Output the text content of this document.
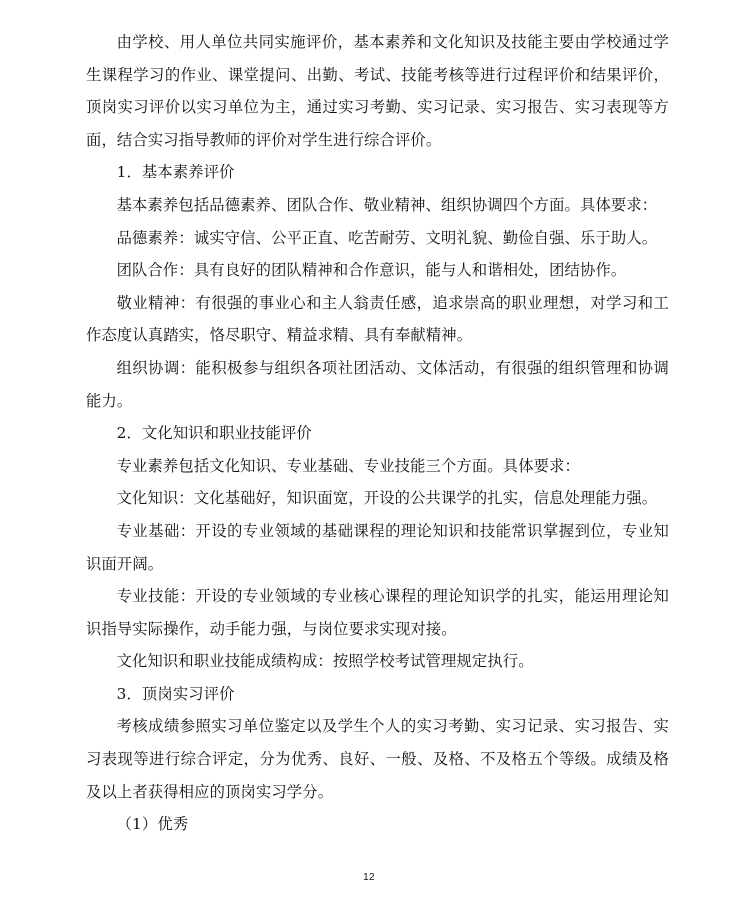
由学校、用人单位共同实施评价，基本素养和文化知识及技能主要由学校通过学生课程学习的作业、课堂提问、出勤、考试、技能考核等进行过程评价和结果评价，顶岗实习评价以实习单位为主，通过实习考勤、实习记录、实习报告、实习表现等方面，结合实习指导教师的评价对学生进行综合评价。

1．基本素养评价

基本素养包括品德素养、团队合作、敬业精神、组织协调四个方面。具体要求：

品德素养：诚实守信、公平正直、吃苦耐劳、文明礼貌、勤俭自强、乐于助人。

团队合作：具有良好的团队精神和合作意识，能与人和谐相处，团结协作。

敬业精神：有很强的事业心和主人翁责任感，追求崇高的职业理想，对学习和工作态度认真踏实，恪尽职守、精益求精、具有奉献精神。

组织协调：能积极参与组织各项社团活动、文体活动，有很强的组织管理和协调能力。

2．文化知识和职业技能评价

专业素养包括文化知识、专业基础、专业技能三个方面。具体要求：

文化知识：文化基础好，知识面宽，开设的公共课学的扎实，信息处理能力强。

专业基础：开设的专业领域的基础课程的理论知识和技能常识掌握到位，专业知识面开阔。

专业技能：开设的专业领域的专业核心课程的理论知识学的扎实，能运用理论知识指导实际操作，动手能力强，与岗位要求实现对接。

文化知识和职业技能成绩构成：按照学校考试管理规定执行。

3．顶岗实习评价

考核成绩参照实习单位鉴定以及学生个人的实习考勤、实习记录、实习报告、实习表现等进行综合评定，分为优秀、良好、一般、及格、不及格五个等级。成绩及格及以上者获得相应的顶岗实习学分。

（1）优秀

12
